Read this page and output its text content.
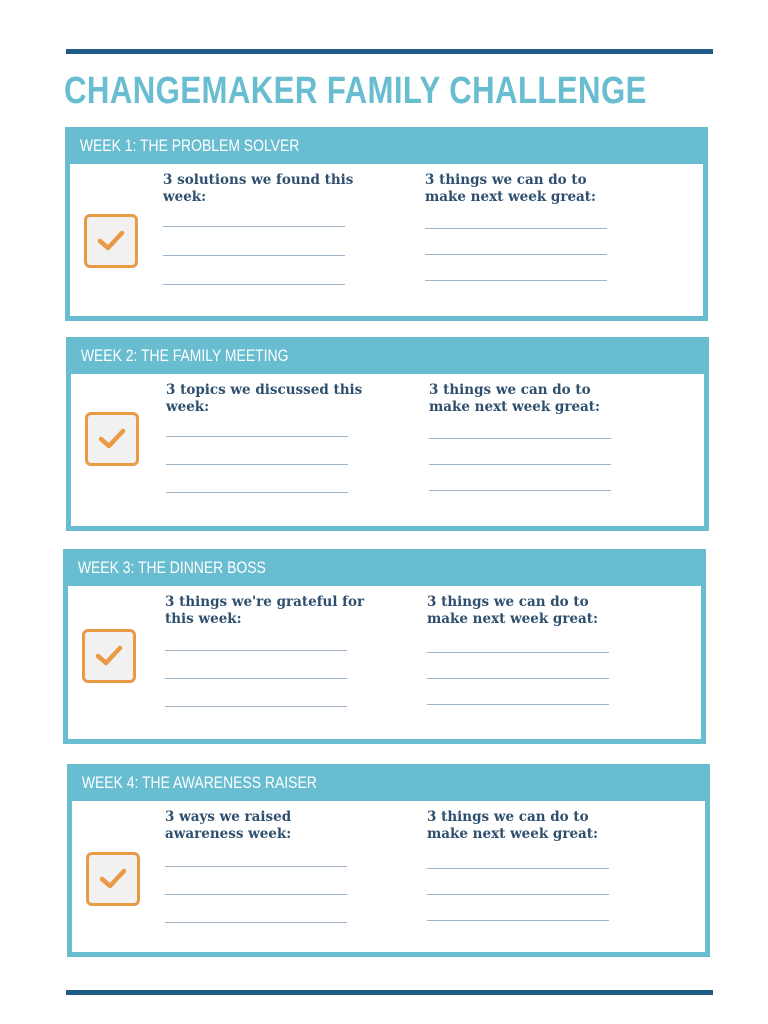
CHANGEMAKER FAMILY CHALLENGE
WEEK 1: THE PROBLEM SOLVER
3 solutions we found this week:
3 things we can do to make next week great:
WEEK 2: THE FAMILY MEETING
3 topics we discussed this week:
3 things we can do to make next week great:
WEEK 3: THE DINNER BOSS
3 things we're grateful for this week:
3 things we can do to make next week great:
WEEK 4: THE AWARENESS RAISER
3 ways we raised awareness week:
3 things we can do to make next week great:
